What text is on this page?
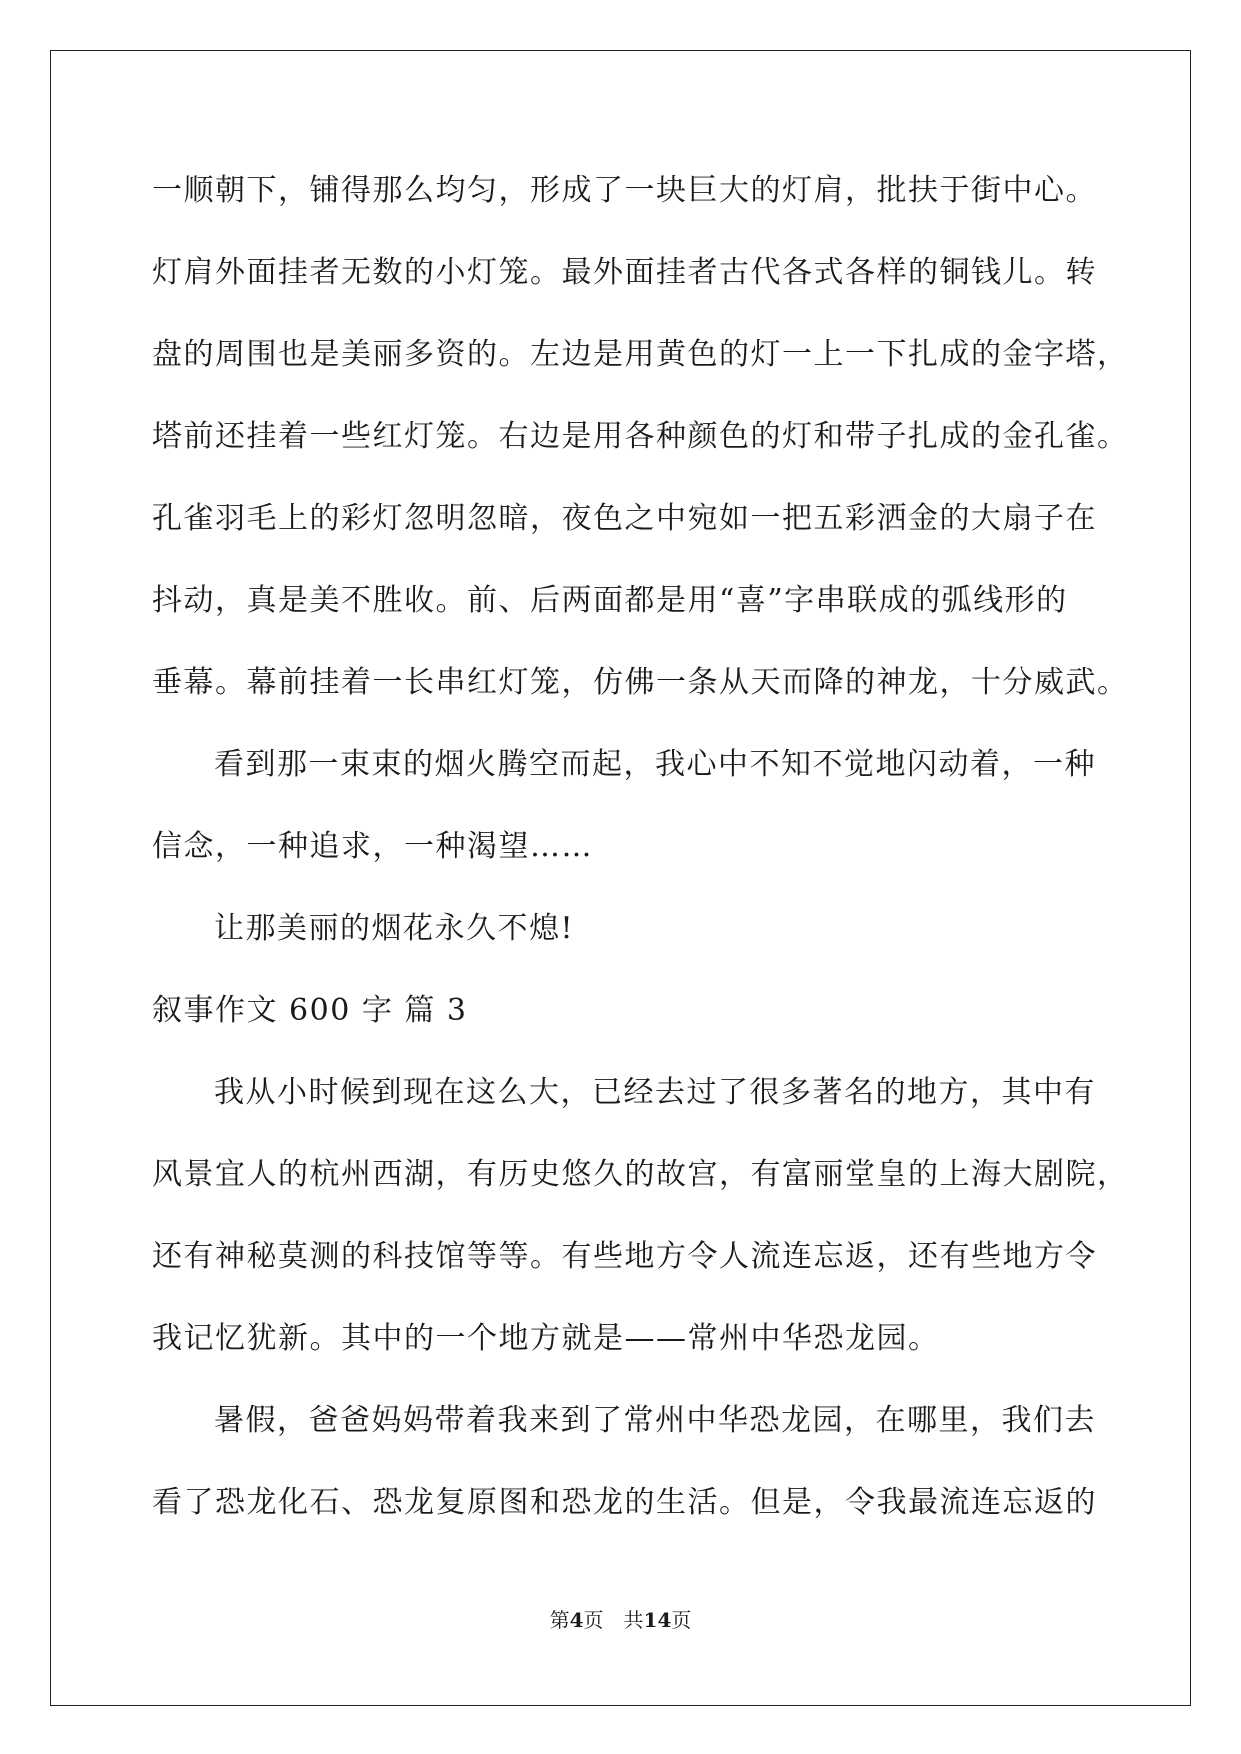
一顺朝下，铺得那么均匀，形成了一块巨大的灯肩，批扶于街中心。
灯肩外面挂者无数的小灯笼。最外面挂者古代各式各样的铜钱儿。转
盘的周围也是美丽多资的。左边是用黄色的灯一上一下扎成的金字塔，
塔前还挂着一些红灯笼。右边是用各种颜色的灯和带子扎成的金孔雀。
孔雀羽毛上的彩灯忽明忽暗，夜色之中宛如一把五彩洒金的大扇子在
抖动，真是美不胜收。前、后两面都是用“喜”字串联成的弧线形的
垂幕。幕前挂着一长串红灯笼，仿佛一条从天而降的神龙，十分威武。
看到那一束束的烟火腾空而起，我心中不知不觉地闪动着，一种
信念，一种追求，一种渴望……
让那美丽的烟花永久不熄!
叙事作文 600 字 篇 3
我从小时候到现在这么大，已经去过了很多著名的地方，其中有
风景宜人的杭州西湖，有历史悠久的故宫，有富丽堂皇的上海大剧院，
还有神秘莫测的科技馆等等。有些地方令人流连忘返，还有些地方令
我记忆犹新。其中的一个地方就是——常州中华恐龙园。
暑假，爸爸妈妈带着我来到了常州中华恐龙园，在哪里，我们去
看了恐龙化石、恐龙复原图和恐龙的生活。但是，令我最流连忘返的
第4页 共14页
